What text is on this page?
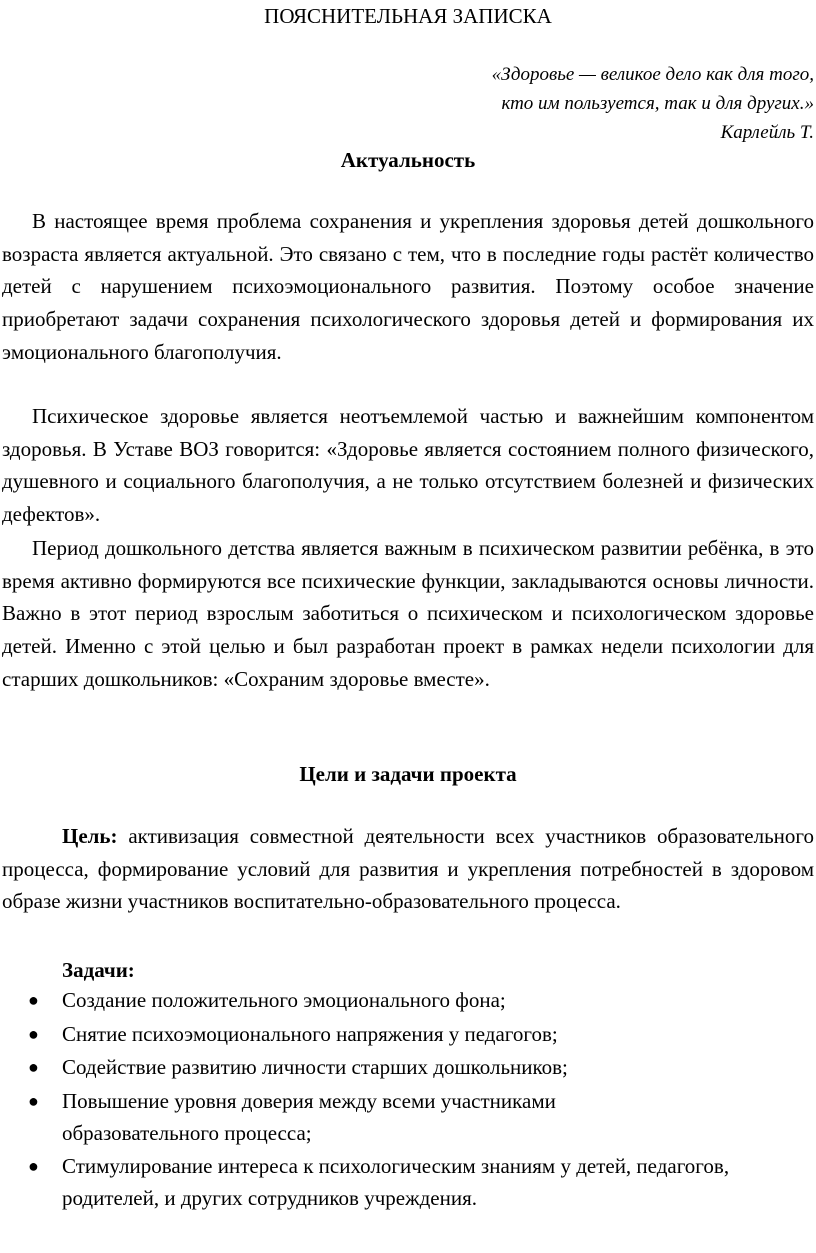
ПОЯСНИТЕЛЬНАЯ ЗАПИСКА
«Здоровье — великое дело как для того,
кто им пользуется, так и для других.»
Карлейль Т.
Актуальность

В настоящее время проблема сохранения и укрепления здоровья детей дошкольного возраста является актуальной. Это связано с тем, что в последние годы растёт количество детей с нарушением психоэмоционального развития. Поэтому особое значение приобретают задачи сохранения психологического здоровья детей и формирования их эмоционального благополучия.

Психическое здоровье является неотъемлемой частью и важнейшим компонентом здоровья. В Уставе ВОЗ говорится: «Здоровье является состоянием полного физического, душевного и социального благополучия, а не только отсутствием болезней и физических дефектов».

Период дошкольного детства является важным в психическом развитии ребёнка, в это время активно формируются все психические функции, закладываются основы личности. Важно в этот период взрослым заботиться о психическом и психологическом здоровье детей. Именно с этой целью и был разработан проект в рамках недели психологии для старших дошкольников: «Сохраним здоровье вместе».

Цели и задачи проекта

Цель: активизация совместной деятельности всех участников образовательного процесса, формирование условий для развития и укрепления потребностей в здоровом образе жизни участников воспитательно-образовательного процесса.

Задачи:
● Создание положительного эмоционального фона;
● Снятие психоэмоционального напряжения у педагогов;
● Содействие развитию личности старших дошкольников;
● Повышение уровня доверия между всеми участниками образовательного процесса;
● Стимулирование интереса к психологическим знаниям у детей, педагогов, родителей, и других сотрудников учреждения.
